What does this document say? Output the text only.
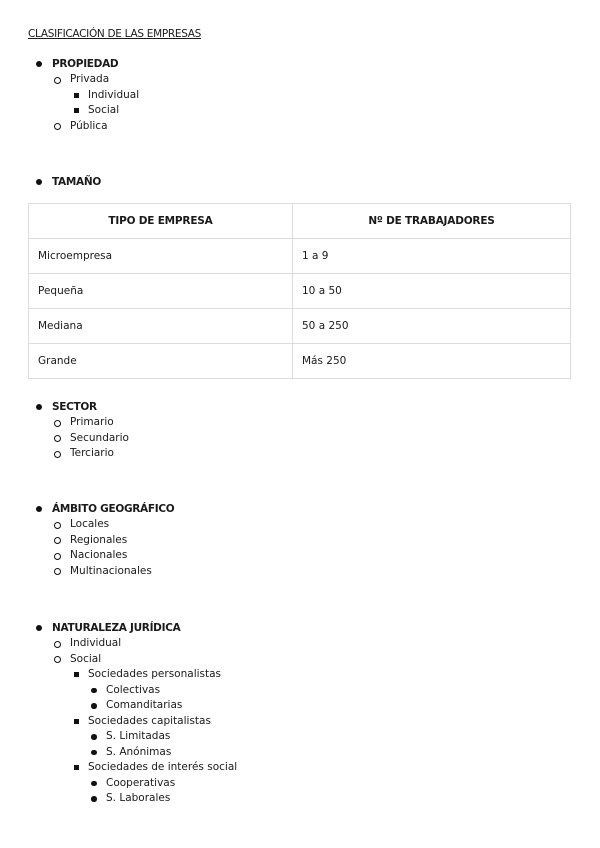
CLASIFICACIÓN DE LAS EMPRESAS
PROPIEDAD
Privada
Individual
Social
Pública
TAMAÑO
TIPO DE EMPRESA	Nº DE TRABAJADORES
Microempresa	1 a 9
Pequeña	10 a 50
Mediana	50 a 250
Grande	Más 250
SECTOR
Primario
Secundario
Terciario
ÁMBITO GEOGRÁFICO
Locales
Regionales
Nacionales
Multinacionales
NATURALEZA JURÍDICA
Individual
Social
Sociedades personalistas
Colectivas
Comanditarias
Sociedades capitalistas
S. Limitadas
S. Anónimas
Sociedades de interés social
Cooperativas
S. Laborales
